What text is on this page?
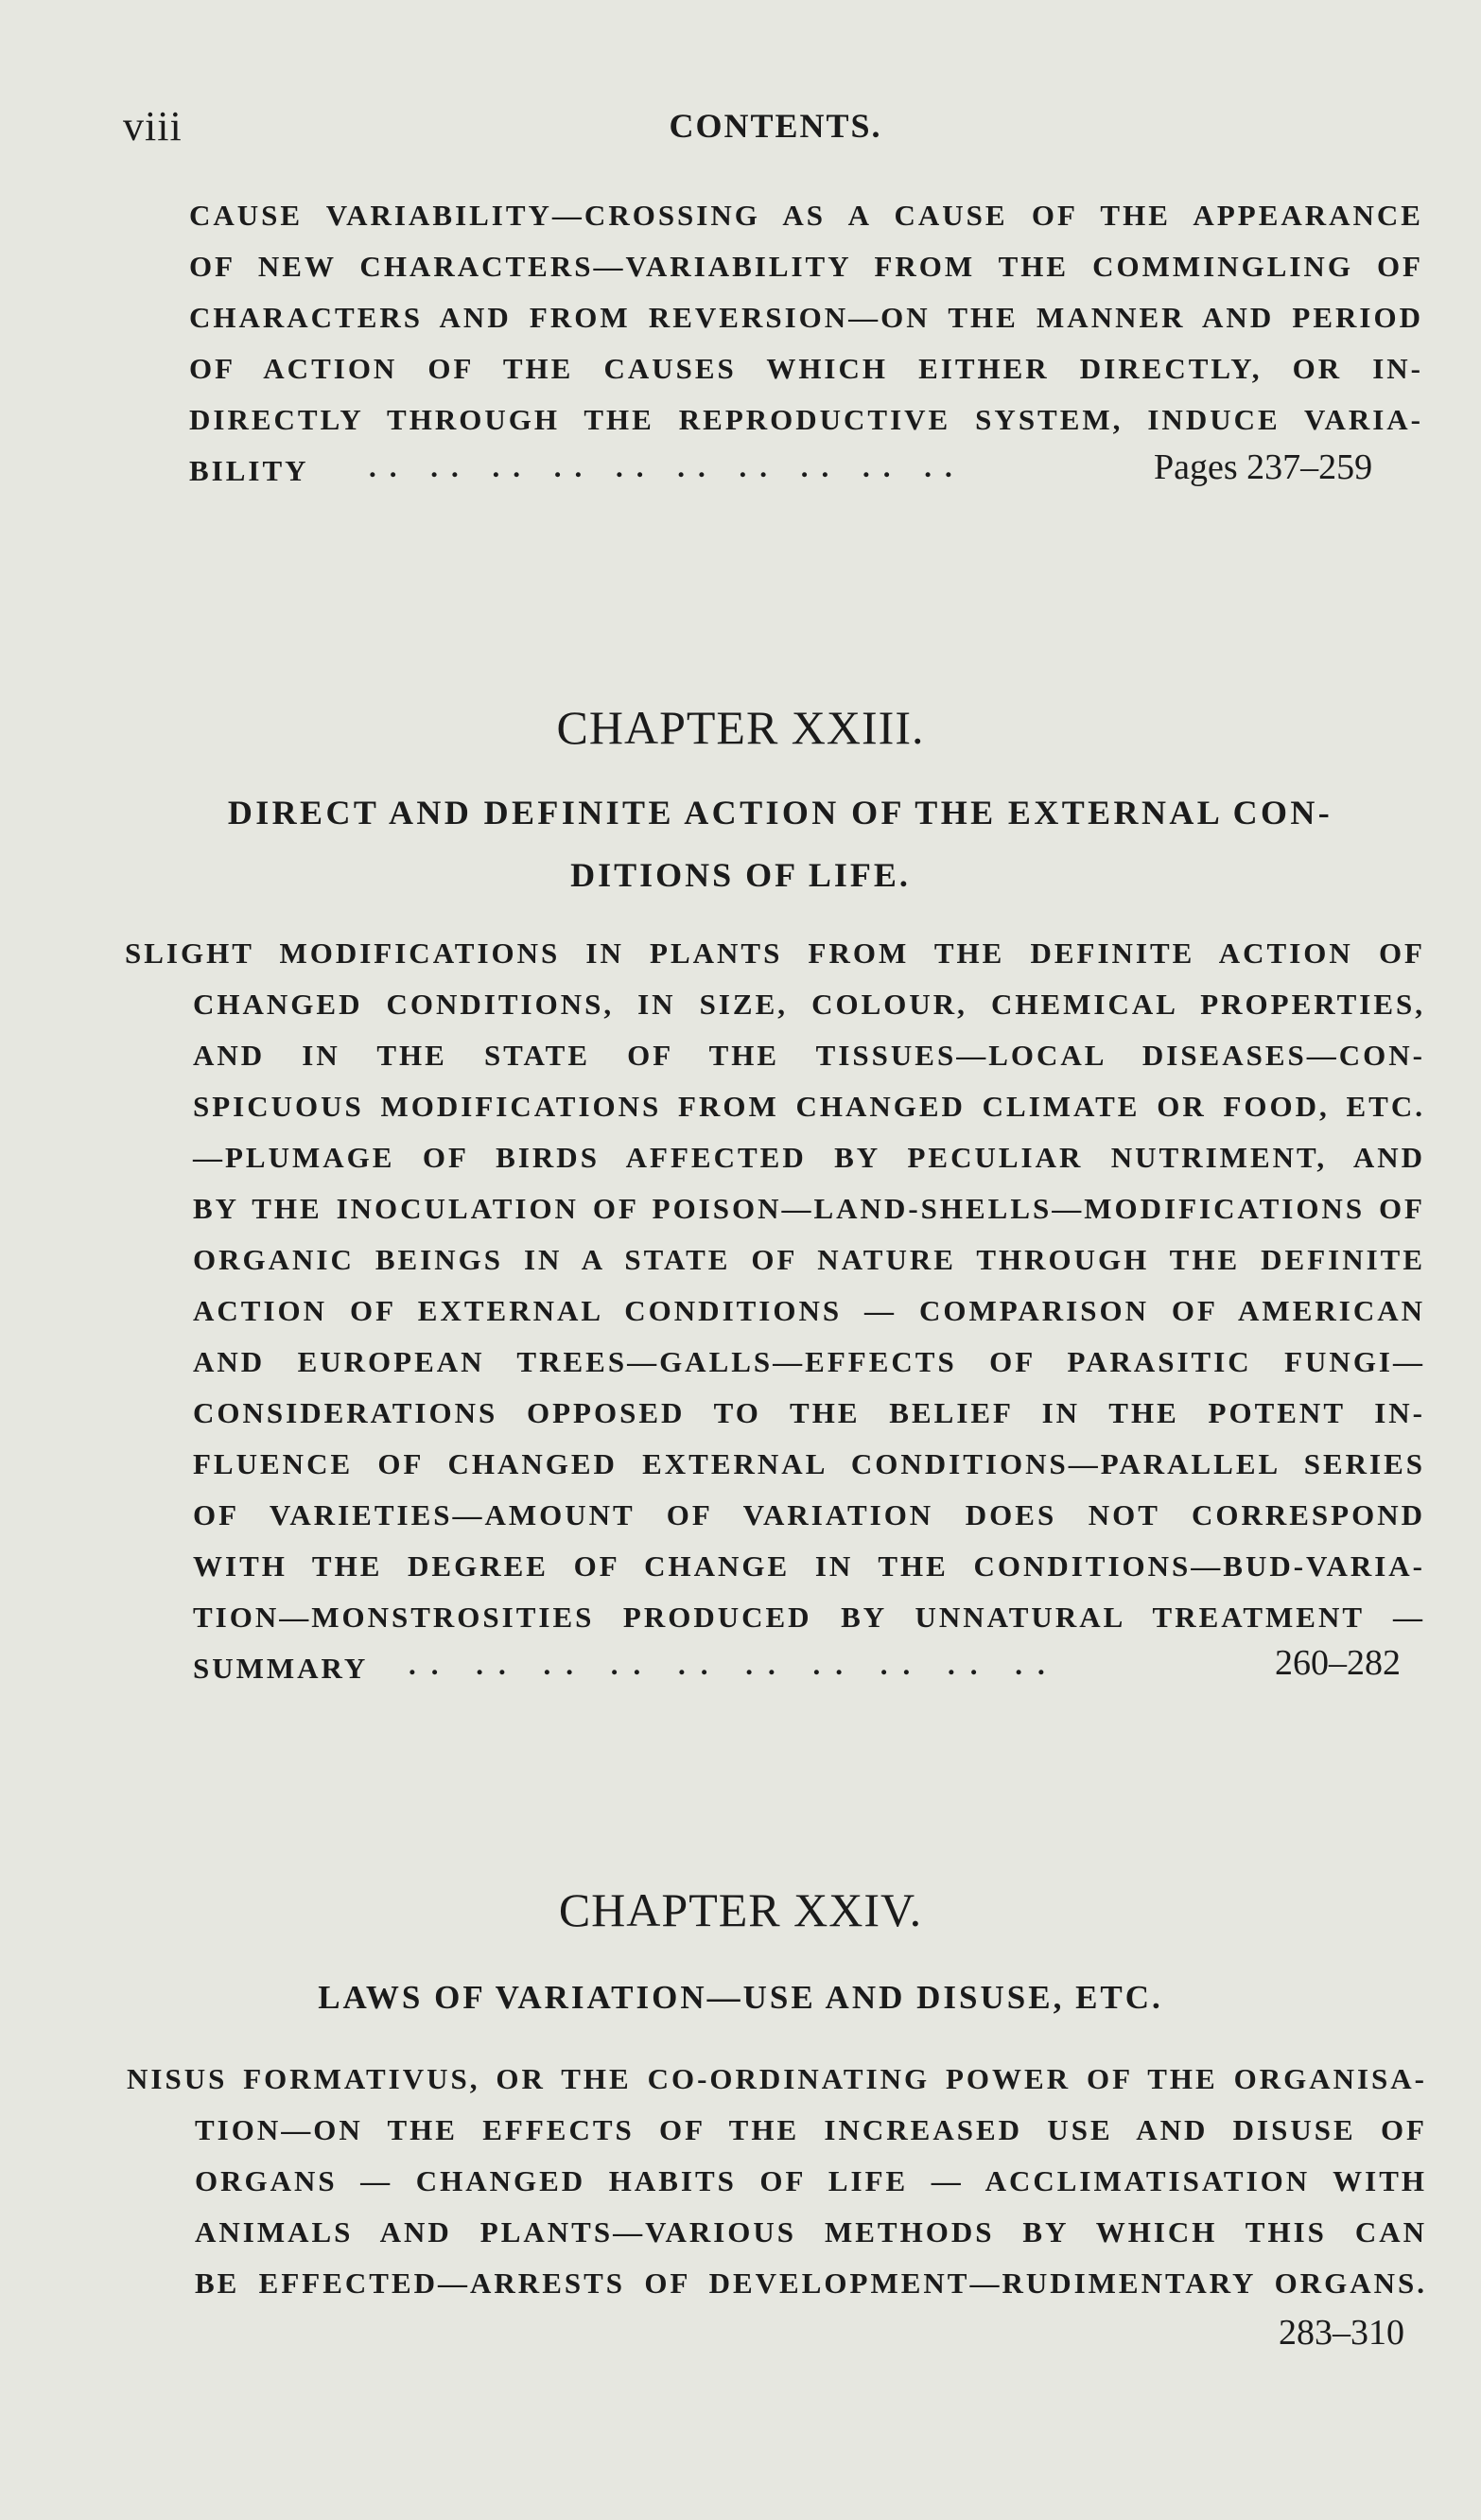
viii	CONTENTS.
CAUSE VARIABILITY—CROSSING AS A CAUSE OF THE APPEARANCE
OF NEW CHARACTERS—VARIABILITY FROM THE COMMINGLING OF
CHARACTERS AND FROM REVERSION—ON THE MANNER AND PERIOD
OF ACTION OF THE CAUSES WHICH EITHER DIRECTLY, OR IN-
DIRECTLY THROUGH THE REPRODUCTIVE SYSTEM, INDUCE VARIA-
BILITY .. .. .. .. .. .. .. .. .. ..	Pages 237–259
CHAPTER XXIII.
DIRECT AND DEFINITE ACTION OF THE EXTERNAL CON-
DITIONS OF LIFE.
SLIGHT MODIFICATIONS IN PLANTS FROM THE DEFINITE ACTION OF
CHANGED CONDITIONS, IN SIZE, COLOUR, CHEMICAL PROPERTIES,
AND IN THE STATE OF THE TISSUES—LOCAL DISEASES—CON-
SPICUOUS MODIFICATIONS FROM CHANGED CLIMATE OR FOOD, ETC.
—PLUMAGE OF BIRDS AFFECTED BY PECULIAR NUTRIMENT, AND
BY THE INOCULATION OF POISON—LAND-SHELLS—MODIFICATIONS OF
ORGANIC BEINGS IN A STATE OF NATURE THROUGH THE DEFINITE
ACTION OF EXTERNAL CONDITIONS — COMPARISON OF AMERICAN
AND EUROPEAN TREES—GALLS—EFFECTS OF PARASITIC FUNGI—
CONSIDERATIONS OPPOSED TO THE BELIEF IN THE POTENT IN-
FLUENCE OF CHANGED EXTERNAL CONDITIONS—PARALLEL SERIES
OF VARIETIES—AMOUNT OF VARIATION DOES NOT CORRESPOND
WITH THE DEGREE OF CHANGE IN THE CONDITIONS—BUD-VARIA-
TION—MONSTROSITIES PRODUCED BY UNNATURAL TREATMENT —
SUMMARY .. .. .. .. .. .. .. .. .. ..	260–282
CHAPTER XXIV.
LAWS OF VARIATION—USE AND DISUSE, ETC.
NISUS FORMATIVUS, OR THE CO-ORDINATING POWER OF THE ORGANISA-
TION—ON THE EFFECTS OF THE INCREASED USE AND DISUSE OF
ORGANS — CHANGED HABITS OF LIFE — ACCLIMATISATION WITH
ANIMALS AND PLANTS—VARIOUS METHODS BY WHICH THIS CAN
BE EFFECTED—ARRESTS OF DEVELOPMENT—RUDIMENTARY ORGANS.
283–310
